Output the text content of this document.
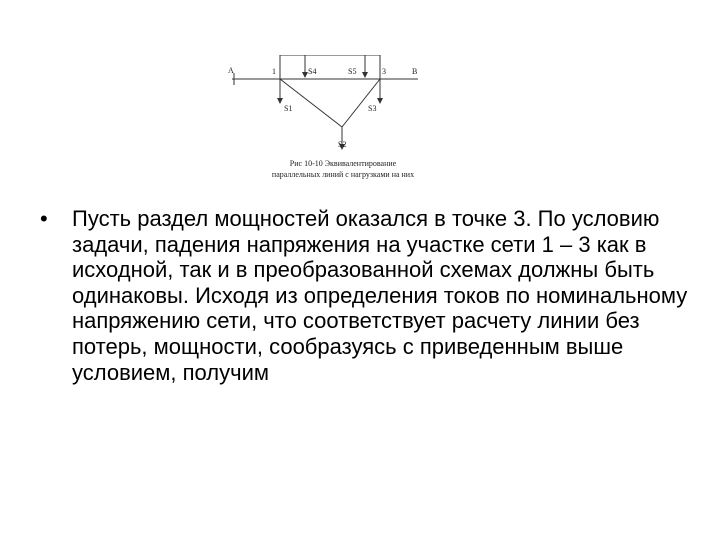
A	1	S4	S5	3	B
S1	S3
S2
Рис 10-10 Эквивалентирование
параллельных линий с нагрузками на них
• Пусть раздел мощностей оказался в точке 3. По условию задачи, падения напряжения на участке сети 1 – 3 как в исходной, так и в преобразованной схемах должны быть одинаковы. Исходя из определения токов по номинальному напряжению сети, что соответствует расчету линии без потерь, мощности, сообразуясь с приведенным выше условием, получим
